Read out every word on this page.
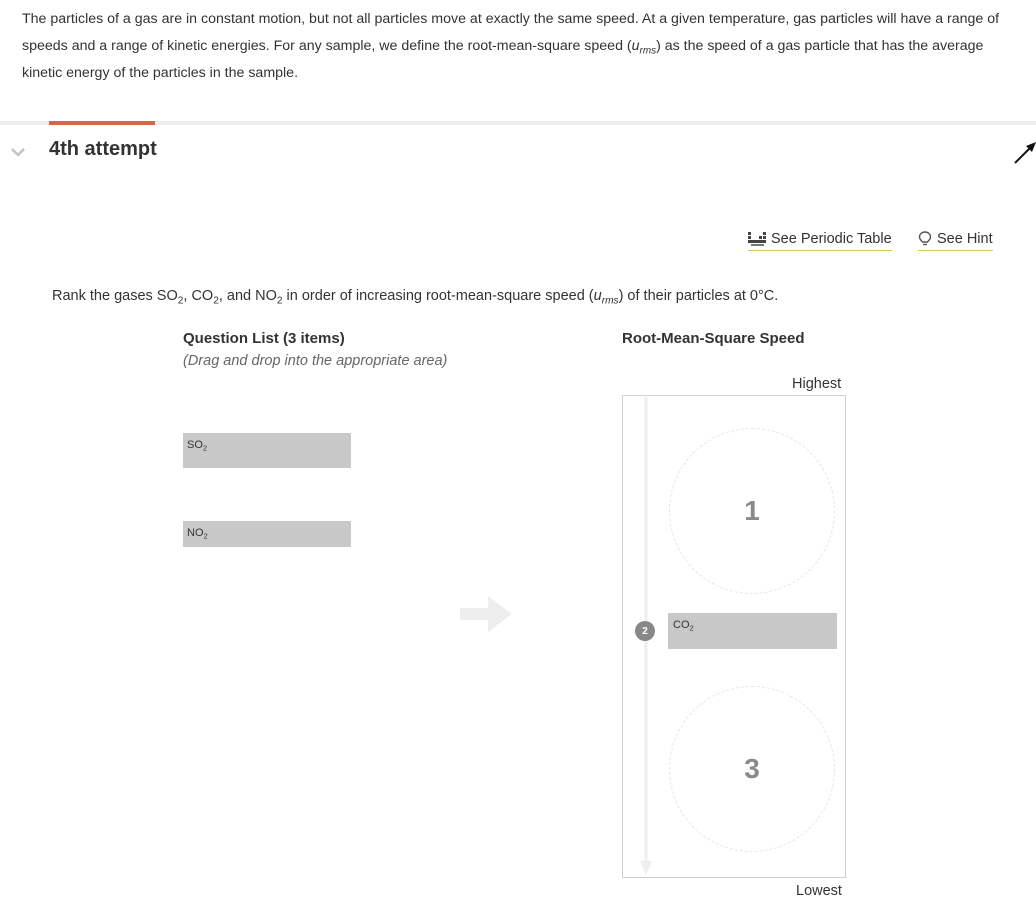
The particles of a gas are in constant motion, but not all particles move at exactly the same speed. At a given temperature, gas particles will have a range of speeds and a range of kinetic energies. For any sample, we define the root-mean-square speed $(u_{rms})$ as the speed of a gas particle that has the average kinetic energy of the particles in the sample.
4th attempt
See Periodic Table	See Hint
Rank the gases $SO_2$, $CO_2$, and $NO_2$ in order of increasing root-mean-square speed $(u_{rms})$ of their particles at 0°C.
Question List (3 items)
(Drag and drop into the appropriate area)
$SO_2$
$NO_2$
Root-Mean-Square Speed
Highest
1
2	$CO_2$
3
Lowest
